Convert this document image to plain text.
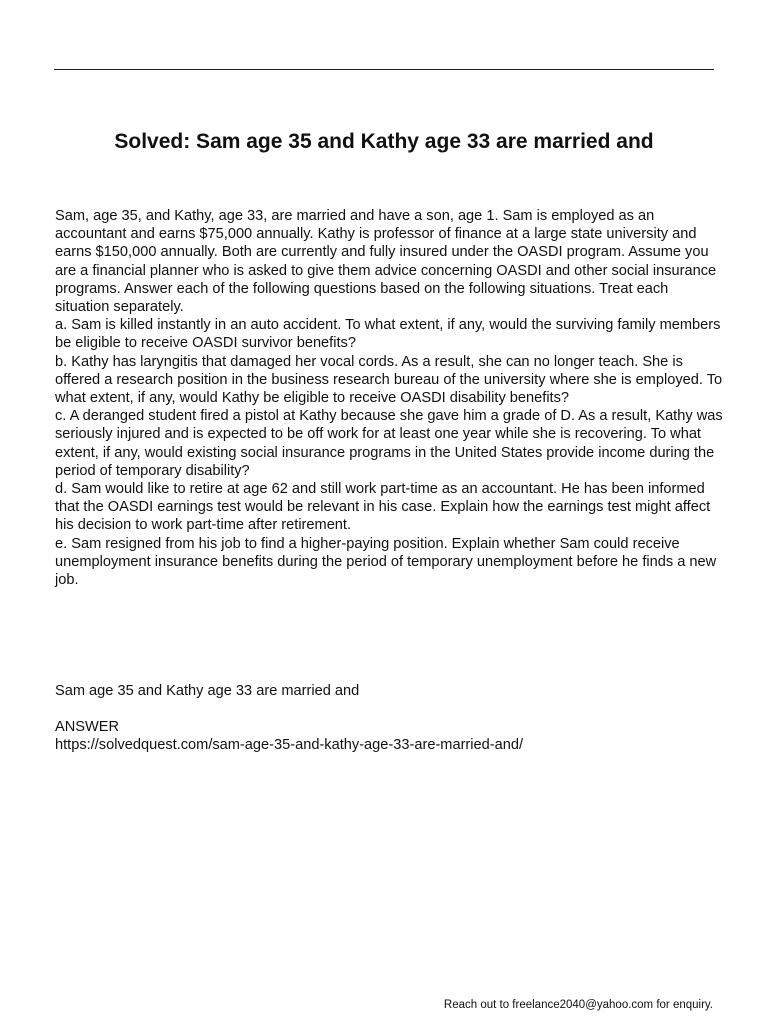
Solved: Sam age 35 and Kathy age 33 are married and

Sam, age 35, and Kathy, age 33, are married and have a son, age 1. Sam is employed as an accountant and earns $75,000 annually. Kathy is professor of finance at a large state university and earns $150,000 annually. Both are currently and fully insured under the OASDI program. Assume you are a financial planner who is asked to give them advice concerning OASDI and other social insurance programs. Answer each of the following questions based on the following situations. Treat each situation separately.

a. Sam is killed instantly in an auto accident. To what extent, if any, would the surviving family members be eligible to receive OASDI survivor benefits?

b. Kathy has laryngitis that damaged her vocal cords. As a result, she can no longer teach. She is offered a research position in the business research bureau of the university where she is employed. To what extent, if any, would Kathy be eligible to receive OASDI disability benefits?

c. A deranged student fired a pistol at Kathy because she gave him a grade of D. As a result, Kathy was seriously injured and is expected to be off work for at least one year while she is recovering. To what extent, if any, would existing social insurance programs in the United States provide income during the period of temporary disability?

d. Sam would like to retire at age 62 and still work part-time as an accountant. He has been informed that the OASDI earnings test would be relevant in his case. Explain how the earnings test might affect his decision to work part-time after retirement.

e. Sam resigned from his job to find a higher-paying position. Explain whether Sam could receive unemployment insurance benefits during the period of temporary unemployment before he finds a new job.

Sam age 35 and Kathy age 33 are married and

ANSWER
https://solvedquest.com/sam-age-35-and-kathy-age-33-are-married-and/
Reach out to freelance2040@yahoo.com for enquiry.
